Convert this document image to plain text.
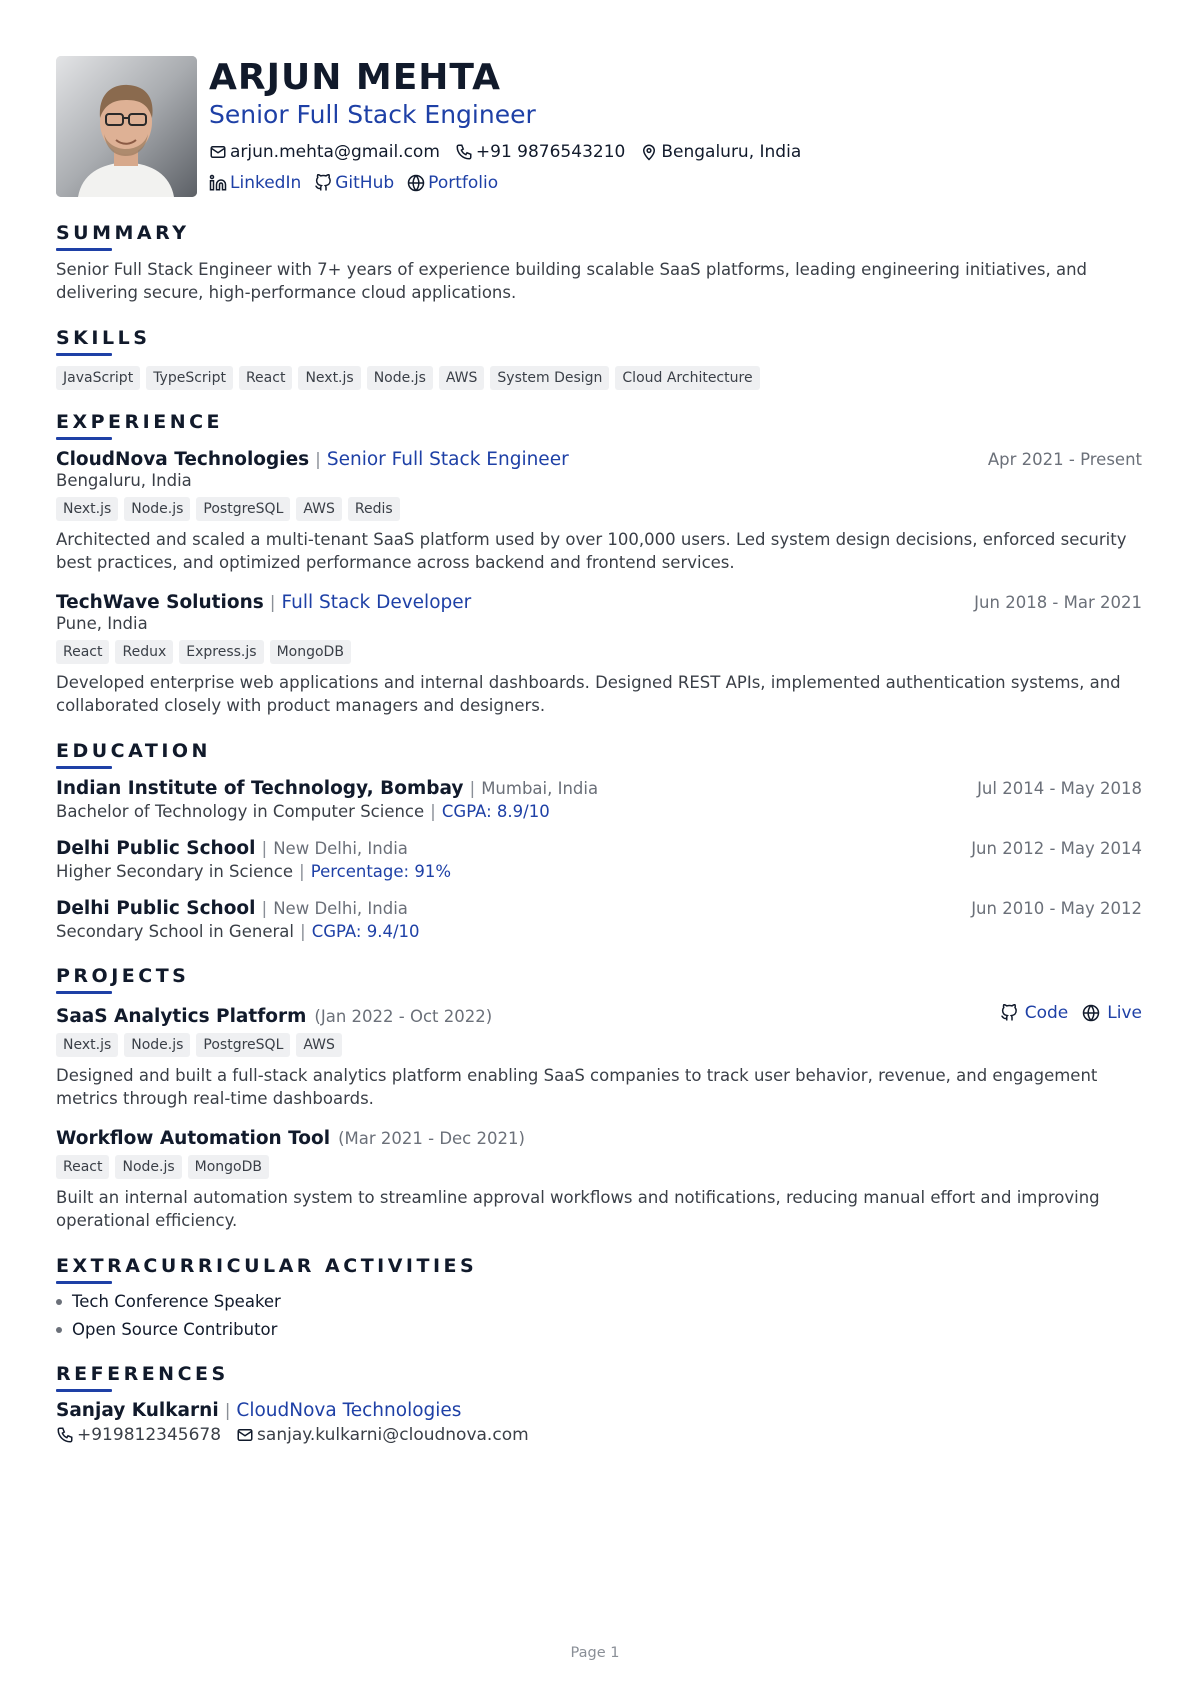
ARJUN MEHTA
Senior Full Stack Engineer
arjun.mehta@gmail.com +91 9876543210 Bengaluru, India
LinkedIn GitHub Portfolio
SUMMARY
Senior Full Stack Engineer with 7+ years of experience building scalable SaaS platforms, leading engineering initiatives, and delivering secure, high-performance cloud applications.
SKILLS
JavaScript	TypeScript	React	Next.js	Node.js	AWS	System Design	Cloud Architecture
EXPERIENCE
CloudNova Technologies | Senior Full Stack Engineer	Apr 2021 - Present
Bengaluru, India
Next.js	Node.js	PostgreSQL	AWS	Redis
Architected and scaled a multi-tenant SaaS platform used by over 100,000 users. Led system design decisions, enforced security best practices, and optimized performance across backend and frontend services.
TechWave Solutions | Full Stack Developer	Jun 2018 - Mar 2021
Pune, India
React	Redux	Express.js	MongoDB
Developed enterprise web applications and internal dashboards. Designed REST APIs, implemented authentication systems, and collaborated closely with product managers and designers.
EDUCATION
Indian Institute of Technology, Bombay | Mumbai, India	Jul 2014 - May 2018
Bachelor of Technology in Computer Science | CGPA: 8.9/10
Delhi Public School | New Delhi, India	Jun 2012 - May 2014
Higher Secondary in Science | Percentage: 91%
Delhi Public School | New Delhi, India	Jun 2010 - May 2012
Secondary School in General | CGPA: 9.4/10
PROJECTS
SaaS Analytics Platform (Jan 2022 - Oct 2022)	Code Live
Next.js	Node.js	PostgreSQL	AWS
Designed and built a full-stack analytics platform enabling SaaS companies to track user behavior, revenue, and engagement metrics through real-time dashboards.
Workflow Automation Tool (Mar 2021 - Dec 2021)
React	Node.js	MongoDB
Built an internal automation system to streamline approval workflows and notifications, reducing manual effort and improving operational efficiency.
EXTRACURRICULAR ACTIVITIES
Tech Conference Speaker
Open Source Contributor
REFERENCES
Sanjay Kulkarni | CloudNova Technologies
+919812345678 sanjay.kulkarni@cloudnova.com
Page 1
